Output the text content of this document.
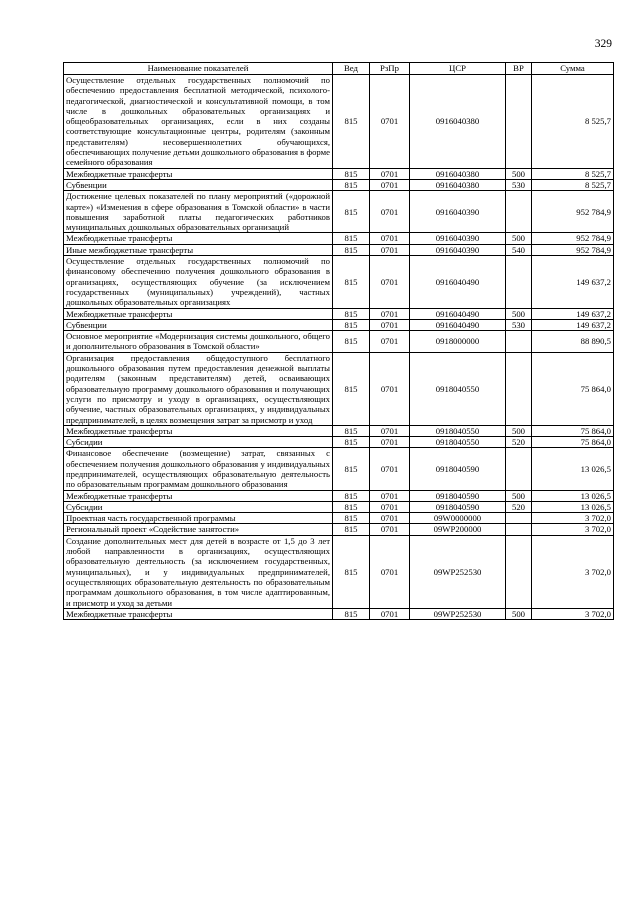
329
Наименование показателей	Вед	РзПр	ЦСР	ВР	Сумма
Осуществление отдельных государственных полномочий по обеспечению предоставления бесплатной методической, психолого-педагогической, диагностической и консультативной помощи, в том числе в дошкольных образовательных организациях и общеобразовательных организациях, если в них созданы соответствующие консультационные центры, родителям (законным представителям) несовершеннолетних обучающихся, обеспечивающих получение детьми дошкольного образования в форме семейного образования	815	0701	0916040380		8 525,7
Межбюджетные трансферты	815	0701	0916040380	500	8 525,7
Субвенции	815	0701	0916040380	530	8 525,7
Достижение целевых показателей по плану мероприятий («дорожной карте») «Изменения в сфере образования в Томской области» в части повышения заработной платы педагогических работников муниципальных дошкольных образовательных организаций	815	0701	0916040390		952 784,9
Межбюджетные трансферты	815	0701	0916040390	500	952 784,9
Иные межбюджетные трансферты	815	0701	0916040390	540	952 784,9
Осуществление отдельных государственных полномочий по финансовому обеспечению получения дошкольного образования в организациях, осуществляющих обучение (за исключением государственных (муниципальных) учреждений), частных дошкольных образовательных организациях	815	0701	0916040490		149 637,2
Межбюджетные трансферты	815	0701	0916040490	500	149 637,2
Субвенции	815	0701	0916040490	530	149 637,2
Основное мероприятие «Модернизация системы дошкольного, общего и дополнительного образования в Томской области»	815	0701	0918000000		88 890,5
Организация предоставления общедоступного бесплатного дошкольного образования путем предоставления денежной выплаты родителям (законным представителям) детей, осваивающих образовательную программу дошкольного образования и получающих услуги по присмотру и уходу в организациях, осуществляющих обучение, частных образовательных организациях, у индивидуальных предпринимателей, в целях возмещения затрат за присмотр и уход	815	0701	0918040550		75 864,0
Межбюджетные трансферты	815	0701	0918040550	500	75 864,0
Субсидии	815	0701	0918040550	520	75 864,0
Финансовое обеспечение (возмещение) затрат, связанных с обеспечением получения дошкольного образования у индивидуальных предпринимателей, осуществляющих образовательную деятельность по образовательным программам дошкольного образования	815	0701	0918040590		13 026,5
Межбюджетные трансферты	815	0701	0918040590	500	13 026,5
Субсидии	815	0701	0918040590	520	13 026,5
Проектная часть государственной программы	815	0701	09W0000000		3 702,0
Региональный проект «Содействие занятости»	815	0701	09WP200000		3 702,0
Создание дополнительных мест для детей в возрасте от 1,5 до 3 лет любой направленности в организациях, осуществляющих образовательную деятельность (за исключением государственных, муниципальных), и у индивидуальных предпринимателей, осуществляющих образовательную деятельность по образовательным программам дошкольного образования, в том числе адаптированным, и присмотр и уход за детьми	815	0701	09WP252530		3 702,0
Межбюджетные трансферты	815	0701	09WP252530	500	3 702,0
